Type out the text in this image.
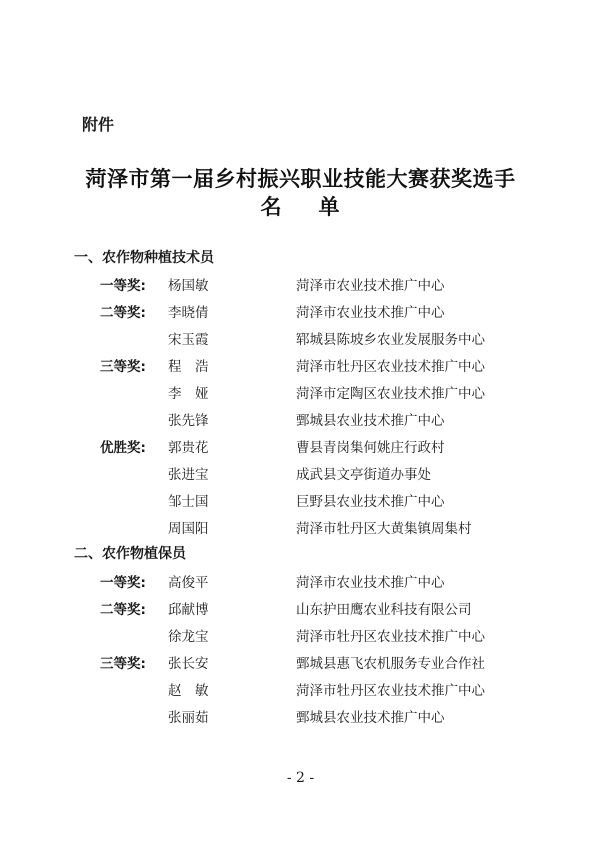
附件
菏泽市第一届乡村振兴职业技能大赛获奖选手
名 单
一、农作物种植技术员
一等奖:	杨国敏	菏泽市农业技术推广中心
二等奖:	李晓倩	菏泽市农业技术推广中心
宋玉霞	郓城县陈坡乡农业发展服务中心
三等奖:	程　浩	菏泽市牡丹区农业技术推广中心
李　娅	菏泽市定陶区农业技术推广中心
张先锋	鄄城县农业技术推广中心
优胜奖:	郭贵花	曹县青岗集何姚庄行政村
张进宝	成武县文亭街道办事处
邹士国	巨野县农业技术推广中心
周国阳	菏泽市牡丹区大黄集镇周集村
二、农作物植保员
一等奖:	高俊平	菏泽市农业技术推广中心
二等奖:	邱献博	山东护田鹰农业科技有限公司
徐龙宝	菏泽市牡丹区农业技术推广中心
三等奖:	张长安	鄄城县惠飞农机服务专业合作社
赵　敏	菏泽市牡丹区农业技术推广中心
张丽茹	鄄城县农业技术推广中心
- 2 -
